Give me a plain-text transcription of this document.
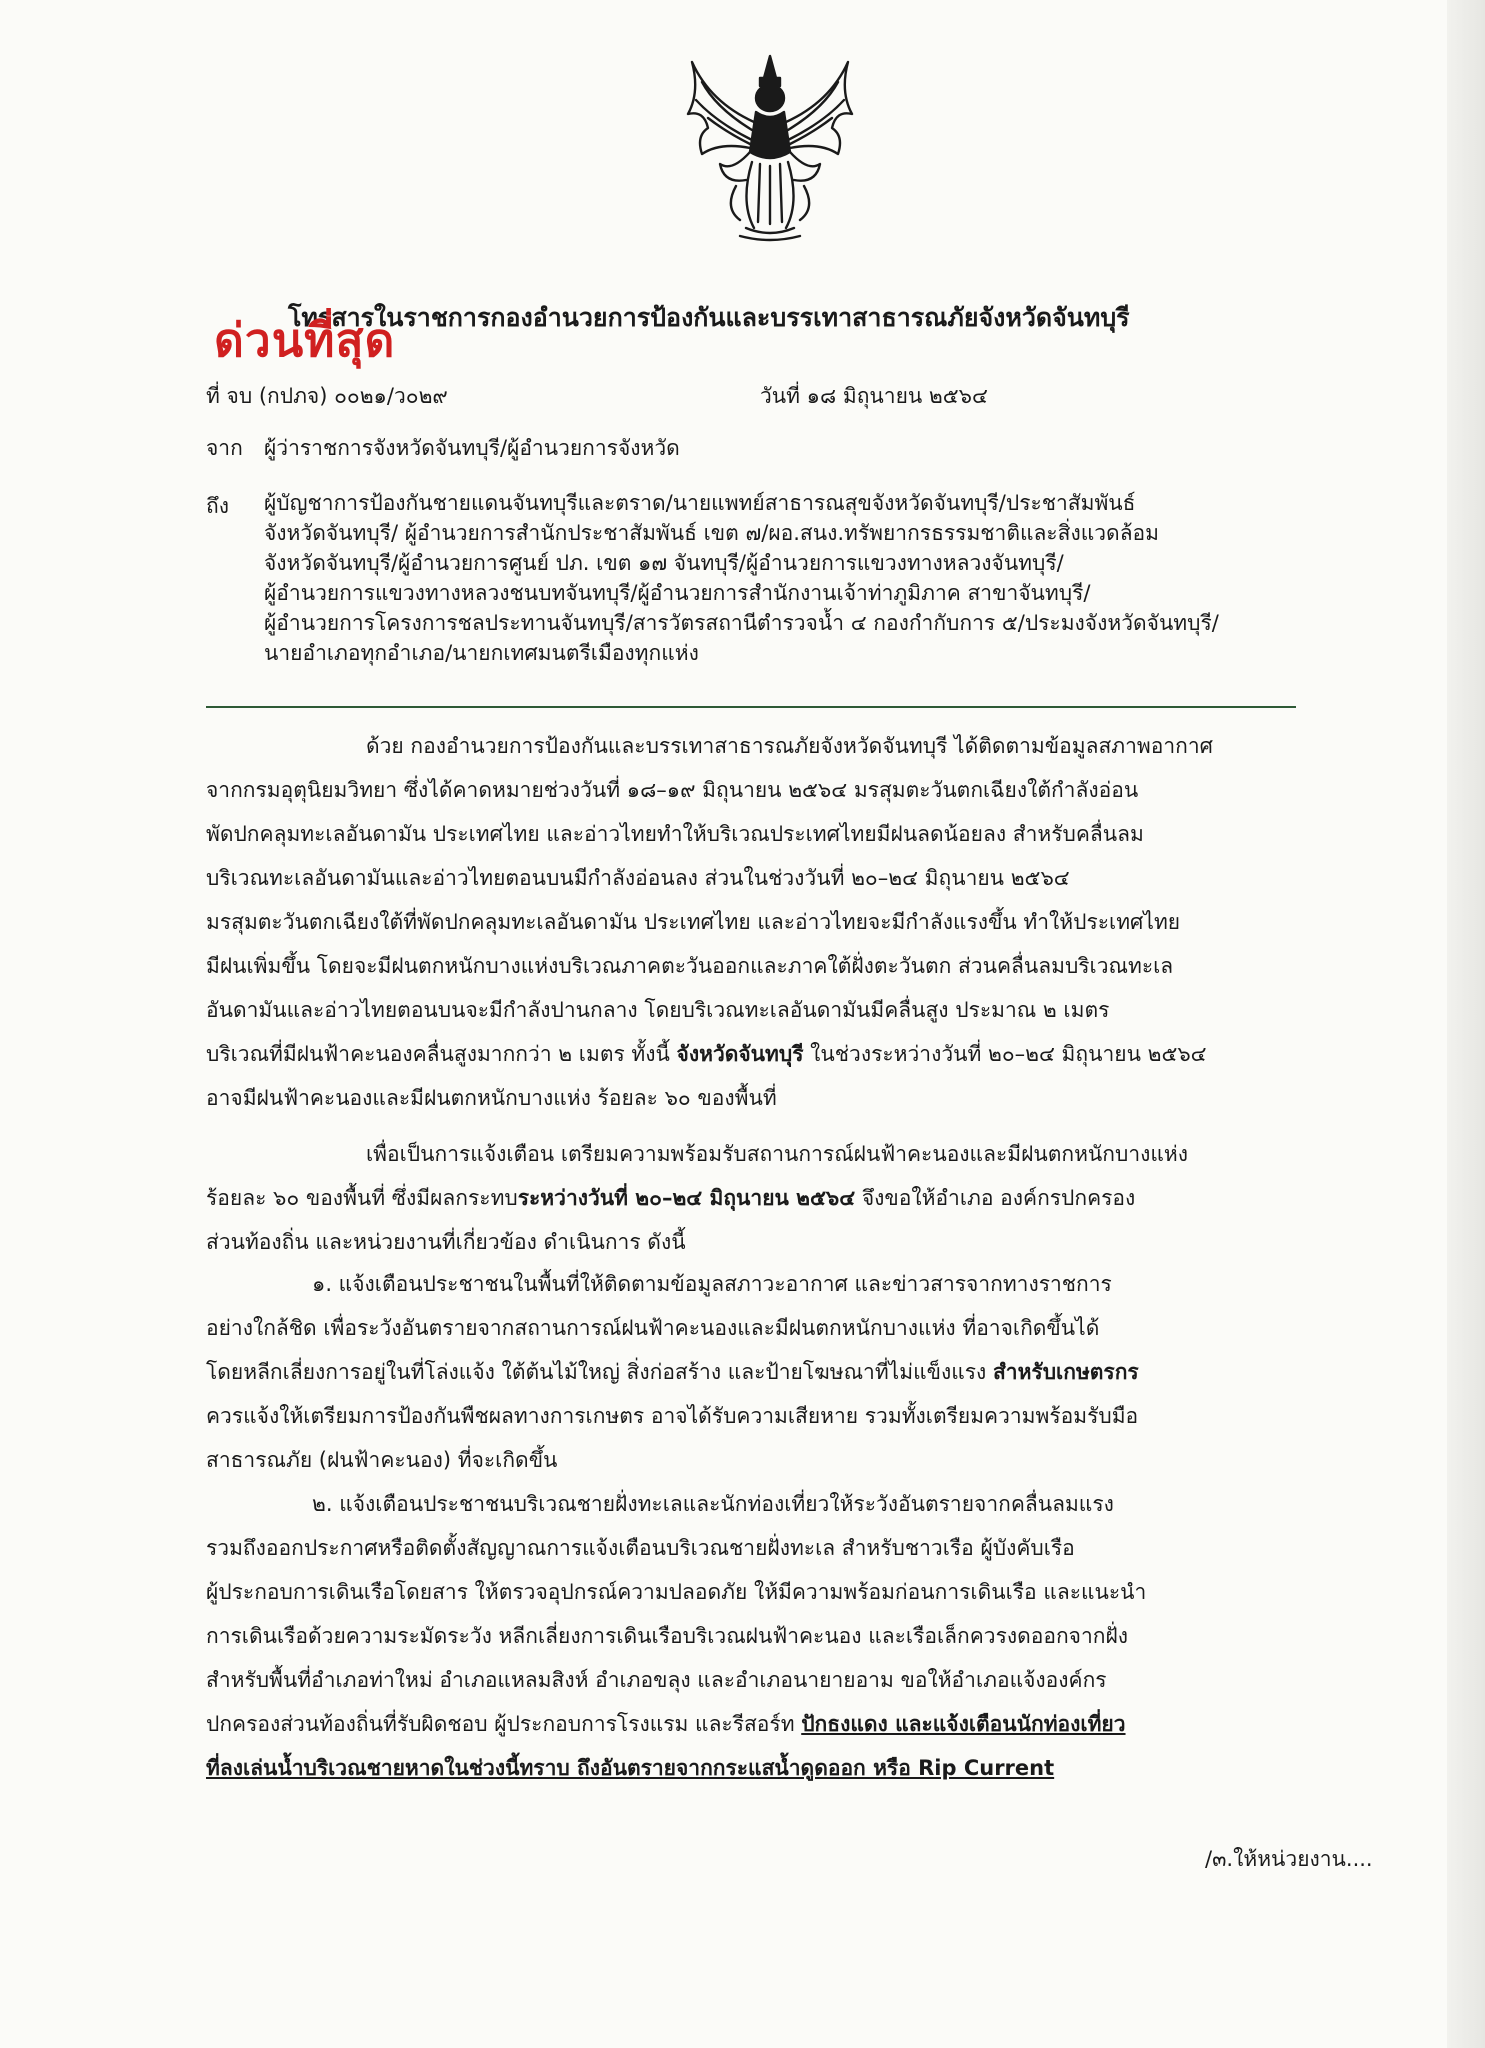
โทรสารในราชการกองอำนวยการป้องกันและบรรเทาสาธารณภัยจังหวัดจันทบุรี
ด่วนที่สุด
ที่ จบ (กปภจ) ๐๐๒๑/ว๐๒๙	วันที่ ๑๘ มิถุนายน ๒๕๖๔
จาก ผู้ว่าราชการจังหวัดจันทบุรี/ผู้อำนวยการจังหวัด
ถึง ผู้บัญชาการป้องกันชายแดนจันทบุรีและตราด/นายแพทย์สาธารณสุขจังหวัดจันทบุรี/ประชาสัมพันธ์
จังหวัดจันทบุรี/ ผู้อำนวยการสำนักประชาสัมพันธ์ เขต ๗/ผอ.สนง.ทรัพยากรธรรมชาติและสิ่งแวดล้อม
จังหวัดจันทบุรี/ผู้อำนวยการศูนย์ ปภ. เขต ๑๗ จันทบุรี/ผู้อำนวยการแขวงทางหลวงจันทบุรี/
ผู้อำนวยการแขวงทางหลวงชนบทจันทบุรี/ผู้อำนวยการสำนักงานเจ้าท่าภูมิภาค สาขาจันทบุรี/
ผู้อำนวยการโครงการชลประทานจันทบุรี/สารวัตรสถานีตำรวจน้ำ ๔ กองกำกับการ ๕/ประมงจังหวัดจันทบุรี/
นายอำเภอทุกอำเภอ/นายกเทศมนตรีเมืองทุกแห่ง
ด้วย กองอำนวยการป้องกันและบรรเทาสาธารณภัยจังหวัดจันทบุรี ได้ติดตามข้อมูลสภาพอากาศ
จากกรมอุตุนิยมวิทยา ซึ่งได้คาดหมายช่วงวันที่ ๑๘–๑๙ มิถุนายน ๒๕๖๔ มรสุมตะวันตกเฉียงใต้กำลังอ่อน
พัดปกคลุมทะเลอันดามัน ประเทศไทย และอ่าวไทยทำให้บริเวณประเทศไทยมีฝนลดน้อยลง สำหรับคลื่นลม
บริเวณทะเลอันดามันและอ่าวไทยตอนบนมีกำลังอ่อนลง ส่วนในช่วงวันที่ ๒๐–๒๔ มิถุนายน ๒๕๖๔
มรสุมตะวันตกเฉียงใต้ที่พัดปกคลุมทะเลอันดามัน ประเทศไทย และอ่าวไทยจะมีกำลังแรงขึ้น ทำให้ประเทศไทย
มีฝนเพิ่มขึ้น โดยจะมีฝนตกหนักบางแห่งบริเวณภาคตะวันออกและภาคใต้ฝั่งตะวันตก ส่วนคลื่นลมบริเวณทะเล
อันดามันและอ่าวไทยตอนบนจะมีกำลังปานกลาง โดยบริเวณทะเลอันดามันมีคลื่นสูง ประมาณ ๒ เมตร
บริเวณที่มีฝนฟ้าคะนองคลื่นสูงมากกว่า ๒ เมตร ทั้งนี้ จังหวัดจันทบุรี ในช่วงระหว่างวันที่ ๒๐–๒๔ มิถุนายน ๒๕๖๔
อาจมีฝนฟ้าคะนองและมีฝนตกหนักบางแห่ง ร้อยละ ๖๐ ของพื้นที่
เพื่อเป็นการแจ้งเตือน เตรียมความพร้อมรับสถานการณ์ฝนฟ้าคะนองและมีฝนตกหนักบางแห่ง
ร้อยละ ๖๐ ของพื้นที่ ซึ่งมีผลกระทบระหว่างวันที่ ๒๐–๒๔ มิถุนายน ๒๕๖๔ จึงขอให้อำเภอ องค์กรปกครอง
ส่วนท้องถิ่น และหน่วยงานที่เกี่ยวข้อง ดำเนินการ ดังนี้
๑. แจ้งเตือนประชาชนในพื้นที่ให้ติดตามข้อมูลสภาวะอากาศ และข่าวสารจากทางราชการ
อย่างใกล้ชิด เพื่อระวังอันตรายจากสถานการณ์ฝนฟ้าคะนองและมีฝนตกหนักบางแห่ง ที่อาจเกิดขึ้นได้
โดยหลีกเลี่ยงการอยู่ในที่โล่งแจ้ง ใต้ต้นไม้ใหญ่ สิ่งก่อสร้าง และป้ายโฆษณาที่ไม่แข็งแรง สำหรับเกษตรกร
ควรแจ้งให้เตรียมการป้องกันพืชผลทางการเกษตร อาจได้รับความเสียหาย รวมทั้งเตรียมความพร้อมรับมือ
สาธารณภัย (ฝนฟ้าคะนอง) ที่จะเกิดขึ้น
๒. แจ้งเตือนประชาชนบริเวณชายฝั่งทะเลและนักท่องเที่ยวให้ระวังอันตรายจากคลื่นลมแรง
รวมถึงออกประกาศหรือติดตั้งสัญญาณการแจ้งเตือนบริเวณชายฝั่งทะเล สำหรับชาวเรือ ผู้บังคับเรือ
ผู้ประกอบการเดินเรือโดยสาร ให้ตรวจอุปกรณ์ความปลอดภัย ให้มีความพร้อมก่อนการเดินเรือ และแนะนำ
การเดินเรือด้วยความระมัดระวัง หลีกเลี่ยงการเดินเรือบริเวณฝนฟ้าคะนอง และเรือเล็กควรงดออกจากฝั่ง
สำหรับพื้นที่อำเภอท่าใหม่ อำเภอแหลมสิงห์ อำเภอขลุง และอำเภอนายายอาม ขอให้อำเภอแจ้งองค์กร
ปกครองส่วนท้องถิ่นที่รับผิดชอบ ผู้ประกอบการโรงแรม และรีสอร์ท ปักธงแดง และแจ้งเตือนนักท่องเที่ยว
ที่ลงเล่นน้ำบริเวณชายหาดในช่วงนี้ทราบ ถึงอันตรายจากกระแสน้ำดูดออก หรือ Rip Current
/๓.ให้หน่วยงาน....
